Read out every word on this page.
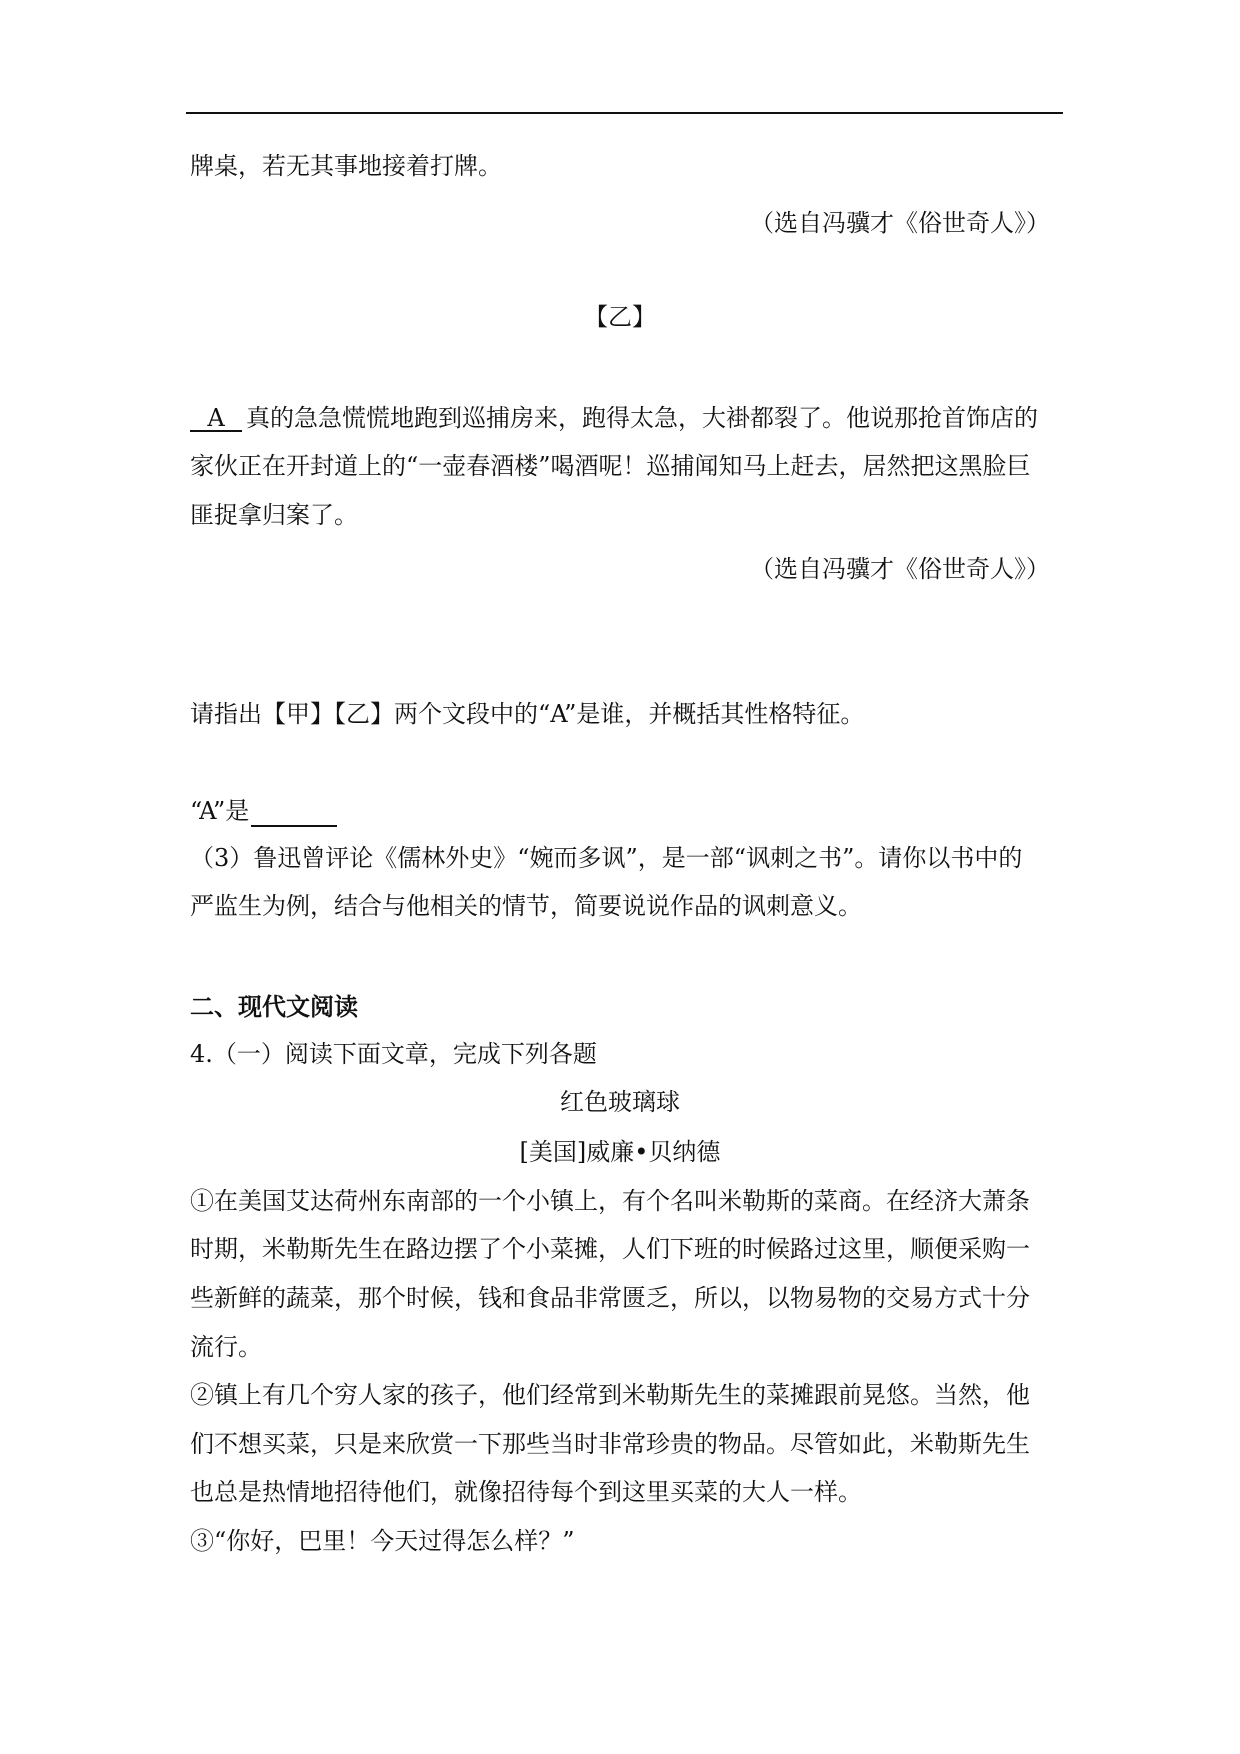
牌桌，若无其事地接着打牌。
（选自冯骥才《俗世奇人》）
【乙】
A 真的急急慌慌地跑到巡捕房来，跑得太急，大褂都裂了。他说那抢首饰店的
家伙正在开封道上的“一壶春酒楼”喝酒呢！巡捕闻知马上赶去，居然把这黑脸巨
匪捉拿归案了。
（选自冯骥才《俗世奇人》）
请指出【甲】【乙】两个文段中的“A”是谁，并概括其性格特征。
“A”是
（3）鲁迅曾评论《儒林外史》“婉而多讽”，是一部“讽刺之书”。请你以书中的
严监生为例，结合与他相关的情节，简要说说作品的讽刺意义。
二、现代文阅读
4.（一）阅读下面文章，完成下列各题
红色玻璃球
[美国]威廉•贝纳德
①在美国艾达荷州东南部的一个小镇上，有个名叫米勒斯的菜商。在经济大萧条
时期，米勒斯先生在路边摆了个小菜摊，人们下班的时候路过这里，顺便采购一
些新鲜的蔬菜，那个时候，钱和食品非常匮乏，所以，以物易物的交易方式十分
流行。
②镇上有几个穷人家的孩子，他们经常到米勒斯先生的菜摊跟前晃悠。当然，他
们不想买菜，只是来欣赏一下那些当时非常珍贵的物品。尽管如此，米勒斯先生
也总是热情地招待他们，就像招待每个到这里买菜的大人一样。
③“你好，巴里！今天过得怎么样？”
